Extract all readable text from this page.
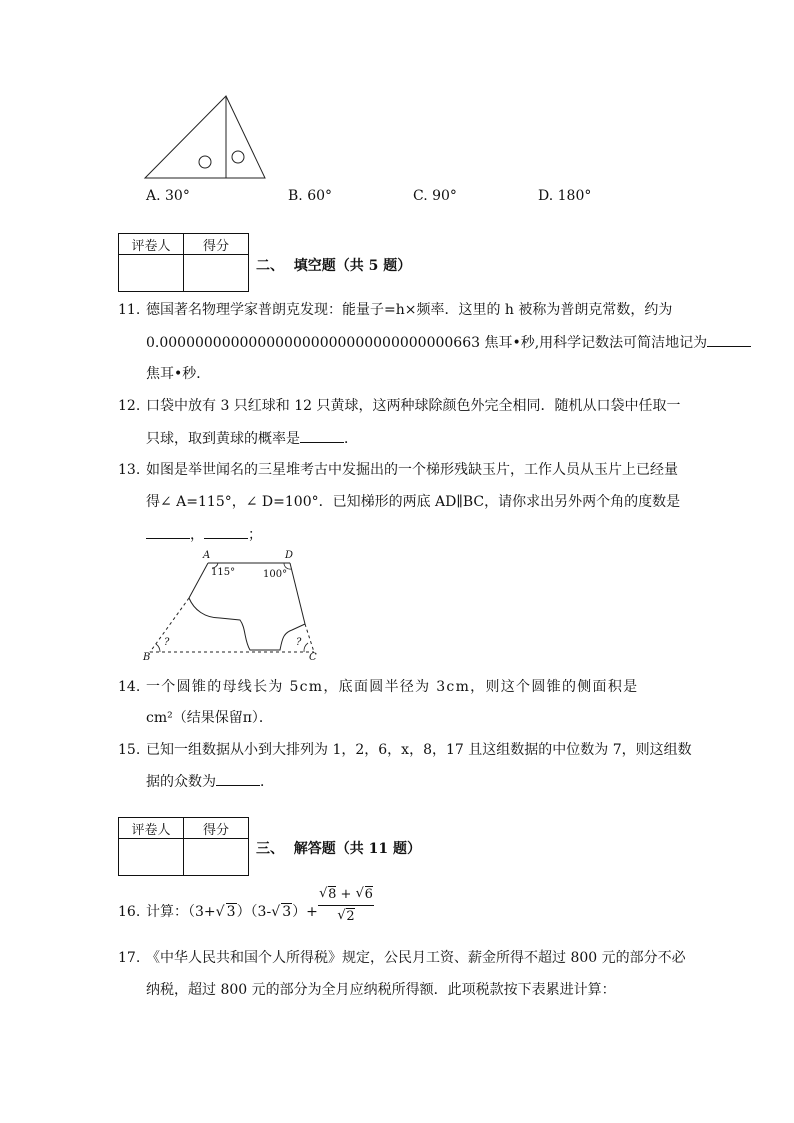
A. 30°	B. 60°	C. 90°	D. 180°
评卷人	得分

二、 填空题（共 5 题）
11. 德国著名物理学家普朗克发现：能量子=h×频率．这里的 h 被称为普朗克常数，约为
0.000000000000000000000000000000000663 焦耳•秒,用科学记数法可简洁地记为
焦耳•秒．
12. 口袋中放有 3 只红球和 12 只黄球，这两种球除颜色外完全相同．随机从口袋中任取一
只球，取到黄球的概率是	．
13. 如图是举世闻名的三星堆考古中发掘出的一个梯形残缺玉片，工作人员从玉片上已经量
得∠ A=115°，∠ D=100°．已知梯形的两底 AD∥BC，请你求出另外两个角的度数是
，	；
A	D
115°	100°
?	?
B	C
14. 一个圆锥的母线长为 5cm，底面圆半径为 3cm，则这个圆锥的侧面积是
cm²（结果保留π）．
15. 已知一组数据从小到大排列为 1，2，6，x，8，17 且这组数据的中位数为 7，则这组数
据的众数为	．
评卷人	得分

三、 解答题（共 11 题）
16. 计算：（3+ √ 3）（3- √ $3)+ \frac{√ 8 + √ 6}{√ 2}$
17. 《中华人民共和国个人所得税》规定，公民月工资、薪金所得不超过 800 元的部分不必
纳税，超过 800 元的部分为全月应纳税所得额．此项税款按下表累进计算：
